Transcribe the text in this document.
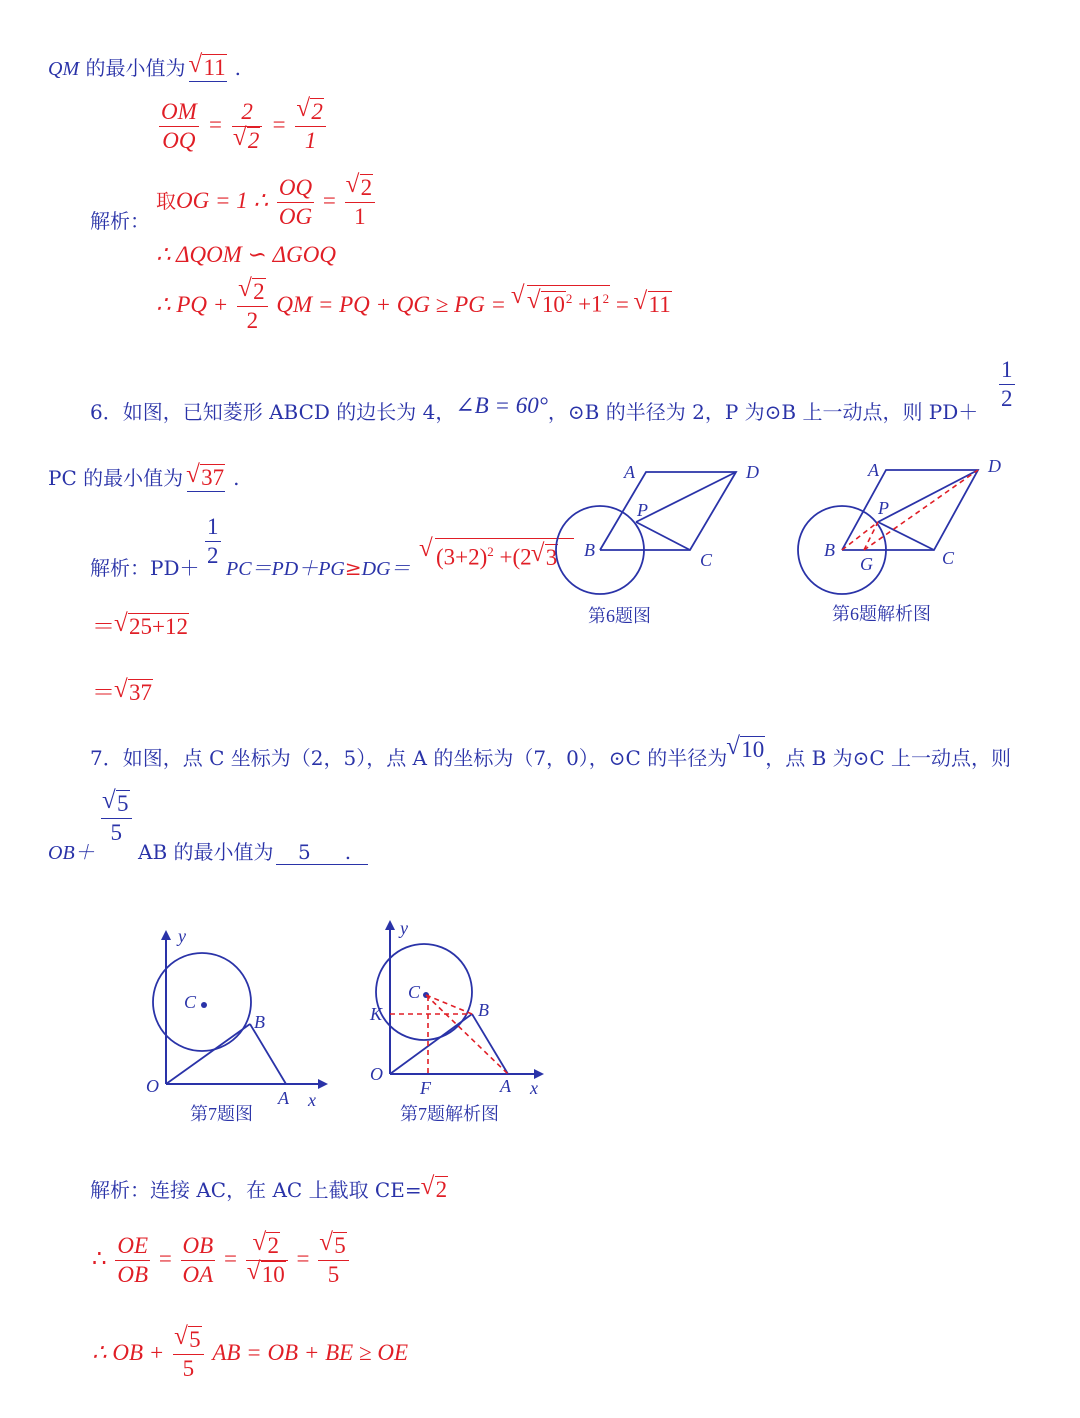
QM 的最小值为√ 11 .
$\frac{OM}{OQ} = 2$
√ 2 =
√ $\frac{2}{1}$
解析：
取OG = 1 ∴ $\frac{OQ}{OG}$ =
√ $\frac{2}{1}$
∴ ΔQOM ∽ ΔGOQ
∴ PQ +
√ $\frac{2}{2}$ QM = PQ + QG ≥ PG = √ √ $10^2 +1^2$ = √ 11
6．如图，已知菱形 ABCD 的边长为 4，∠B = 60°，⊙B 的半径为 2，P 为⊙B 上一动点，则 $PD+ \frac{1}{2}$
PC 的最小值为√ 37 .
解析：$PD+ \frac{1}{2} PC=PD+PG\ge DG=$
√	$(3+2)^2 +(2√$ 3
＝√ 25+12
＝√ 37
A	D
P
B	C
第6题图
A	D
P
B
G	C
第6题解析图
7．如图，点 C 坐标为（2，5），点 A 的坐标为（7，0），⊙C 的半径为√ 10，点 B 为⊙C 上一动点，则
√ $\frac{5}{5}$
OB＋ AB 的最小值为 5 .
y
x
O
C
B
A
第7题图
y
x
O
C
K	B
F	A
第7题解析图
解析：连接 AC，在 AC 上截取 CE=√ 2
∴ $\frac{OE}{OB} = \frac{OB}{OA}$ =
√ 2
√ 10 =
√ $\frac{5}{5}$
∴ OB +
√ $\frac{5}{5}$ AB = OB + BE ≥ OE
